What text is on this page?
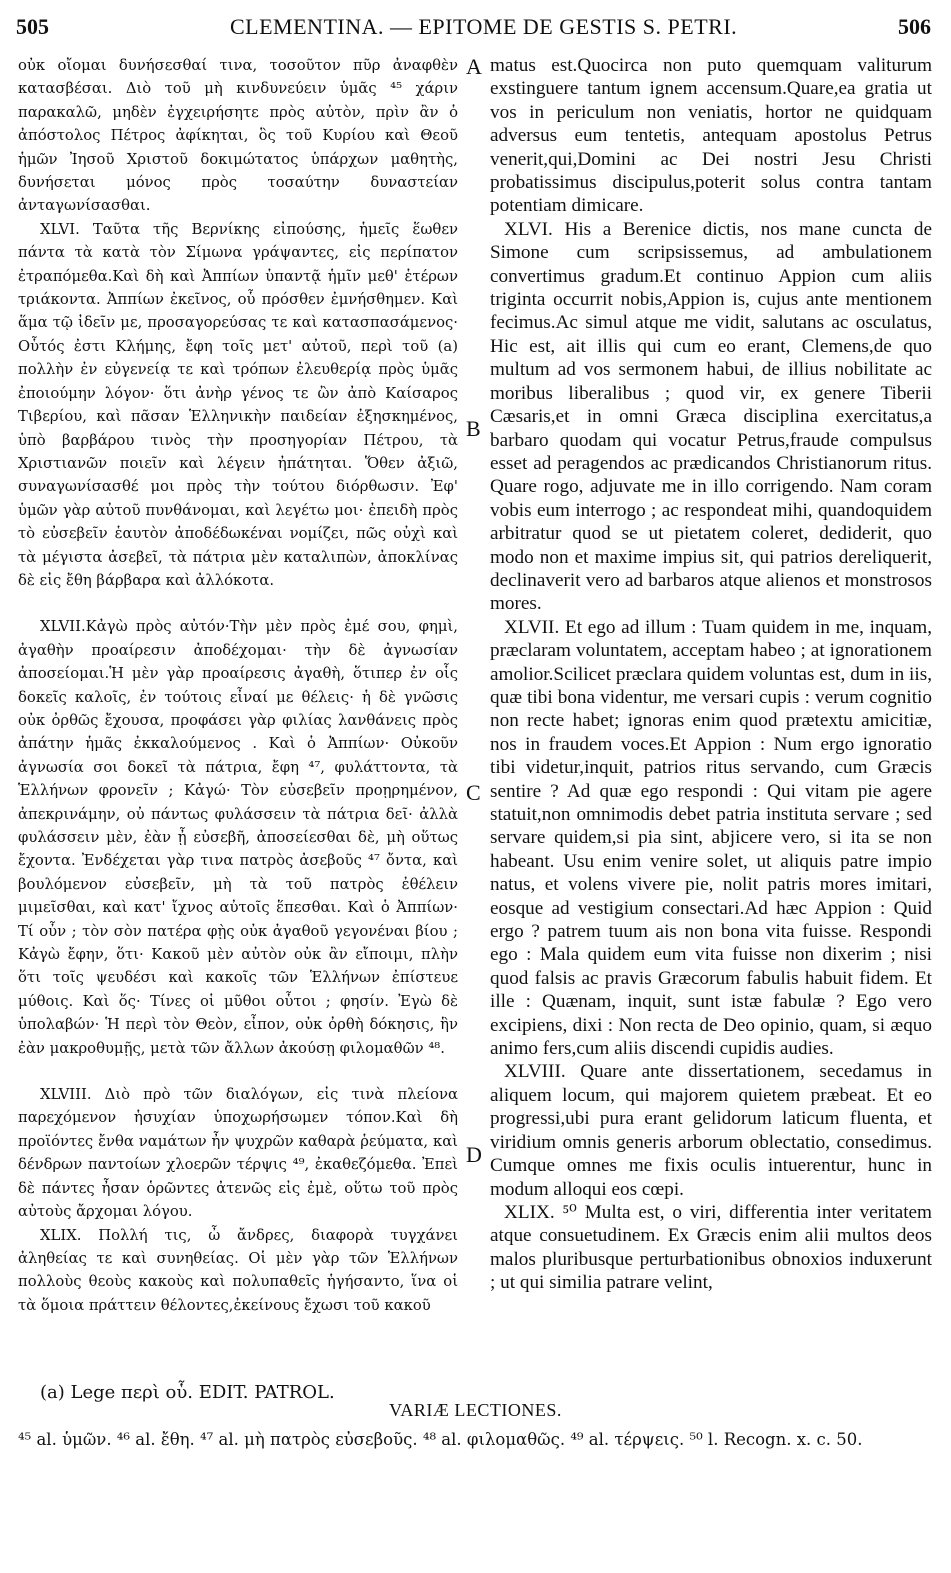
505	CLEMENTINA. — EPITOME DE GESTIS S. PETRI.	506

οὐκ οἴομαι δυνήσεσθαί τινα, τοσοῦτον πῦρ ἀναφθὲν κατασβέσαι. Διὸ τοῦ μὴ κινδυνεύειν ὑμᾶς ⁴⁵ χάριν παρακαλῶ, μηδὲν ἐγχειρήσητε πρὸς αὐτὸν, πρὶν ἂν ὁ ἀπόστολος Πέτρος ἀφίκηται, ὃς τοῦ Κυρίου καὶ Θεοῦ ἡμῶν Ἰησοῦ Χριστοῦ δοκιμώτατος ὑπάρχων μαθητὴς, δυνήσεται μόνος πρὸς τοσαύτην δυναστείαν ἀνταγωνίσασθαι.

XLVI. Ταῦτα τῆς Βερνίκης εἰπούσης, ἡμεῖς ἕωθεν πάντα τὰ κατὰ τὸν Σίμωνα γράψαντες, εἰς περίπατον ἐτραπόμεθα.Καὶ δὴ καὶ Ἀππίων ὑπαντᾷ ἡμῖν μεθ' ἑτέρων τριάκοντα. Ἀππίων ἐκεῖνος, οὗ πρόσθεν ἐμνήσθημεν. Καὶ ἅμα τῷ ἰδεῖν με, προσαγορεύσας τε καὶ κατασπασάμενος· Οὗτός ἐστι Κλήμης, ἔφη τοῖς μετ' αὐτοῦ, περὶ τοῦ (a) πολλὴν ἐν εὐγενείᾳ τε καὶ τρόπων ἐλευθερίᾳ πρὸς ὑμᾶς ἐποιούμην λόγον· ὅτι ἀνὴρ γένος τε ὢν ἀπὸ Καίσαρος Τιβερίου, καὶ πᾶσαν Ἑλληνικὴν παιδείαν ἐξησκημένος, ὑπὸ βαρβάρου τινὸς τὴν προσηγορίαν Πέτρου, τὰ Χριστιανῶν ποιεῖν καὶ λέγειν ἠπάτηται. Ὅθεν ἀξιῶ, συναγωνίσασθέ μοι πρὸς τὴν τούτου διόρθωσιν. Ἐφ' ὑμῶν γὰρ αὐτοῦ πυνθάνομαι, καὶ λεγέτω μοι· ἐπειδὴ πρὸς τὸ εὐσεβεῖν ἑαυτὸν ἀποδέδωκέναι νομίζει, πῶς οὐχὶ καὶ τὰ μέγιστα ἀσεβεῖ, τὰ πάτρια μὲν καταλιπὼν, ἀποκλίνας δὲ εἰς ἔθη βάρβαρα καὶ ἀλλόκοτα.

XLVII.Κἀγὼ πρὸς αὐτόν·Τὴν μὲν πρὸς ἐμέ σου, φημὶ, ἀγαθὴν προαίρεσιν ἀποδέχομαι· τὴν δὲ ἀγνωσίαν ἀποσείομαι.Ἡ μὲν γὰρ προαίρεσις ἀγαθὴ, ὅτιπερ ἐν οἷς δοκεῖς καλοῖς, ἐν τούτοις εἶναί με θέλεις· ἡ δὲ γνῶσις οὐκ ὀρθῶς ἔχουσα, προφάσει γὰρ φιλίας λανθάνεις πρὸς ἀπάτην ἡμᾶς ἐκκαλούμενος . Καὶ ὁ Ἀππίων· Οὐκοῦν ἀγνωσία σοι δοκεῖ τὰ πάτρια, ἔφη ⁴⁷, φυλάττοντα, τὰ Ἑλλήνων φρονεῖν ; Κἀγώ· Τὸν εὐσεβεῖν προῃρημένον, ἀπεκρινάμην, οὐ πάντως φυλάσσειν τὰ πάτρια δεῖ· ἀλλὰ φυλάσσειν μὲν, ἐὰν ᾖ εὐσεβῆ, ἀποσείεσθαι δὲ, μὴ οὕτως ἔχοντα. Ἐνδέχεται γὰρ τινα πατρὸς ἀσεβοῦς ⁴⁷ ὄντα, καὶ βουλόμενον εὐσεβεῖν, μὴ τὰ τοῦ πατρὸς ἐθέλειν μιμεῖσθαι, καὶ κατ' ἴχνος αὐτοῖς ἕπεσθαι. Καὶ ὁ Ἀππίων· Τί οὖν ; τὸν σὸν πατέρα φῂς οὐκ ἀγαθοῦ γεγονέναι βίου ; Κἀγὼ ἔφην, ὅτι· Κακοῦ μὲν αὐτὸν οὐκ ἂν εἴποιμι, πλὴν ὅτι τοῖς ψευδέσι καὶ κακοῖς τῶν Ἑλλήνων ἐπίστευε μύθοις. Καὶ ὅς· Τίνες οἱ μῦθοι οὗτοι ; φησίν. Ἐγὼ δὲ ὑπολαβών· Ἡ περὶ τὸν Θεὸν, εἶπον, οὐκ ὀρθὴ δόκησις, ἣν ἐὰν μακροθυμῇς, μετὰ τῶν ἄλλων ἀκούσῃ φιλομαθῶν ⁴⁸.

XLVIII. Διὸ πρὸ τῶν διαλόγων, εἰς τινὰ πλείονα παρεχόμενον ἡσυχίαν ὑποχωρήσωμεν τόπον.Καὶ δὴ προϊόντες ἔνθα ναμάτων ἦν ψυχρῶν καθαρὰ ῥεύματα, καὶ δένδρων παντοίων χλοερῶν τέρψις ⁴⁹, ἐκαθεζόμεθα. Ἐπεὶ δὲ πάντες ἦσαν ὁρῶντες ἀτενῶς εἰς ἐμὲ, οὕτω τοῦ πρὸς αὐτοὺς ἄρχομαι λόγου.

XLIX. Πολλή τις, ὦ ἄνδρες, διαφορὰ τυγχάνει ἀληθείας τε καὶ συνηθείας. Οἱ μὲν γὰρ τῶν Ἑλλήνων πολλοὺς θεοὺς κακοὺς καὶ πολυπαθεῖς ἡγήσαντο, ἵνα οἱ τὰ ὅμοια πράττειν θέλοντες,ἐκείνους ἔχωσι τοῦ κακοῦ

A
B
C
D

matus est.Quocirca non puto quemquam valiturum exstinguere tantum ignem accensum.Quare,ea gratia ut vos in periculum non veniatis, hortor ne quidquam adversus eum tentetis, antequam apostolus Petrus venerit,qui,Domini ac Dei nostri Jesu Christi probatissimus discipulus,poterit solus contra tantam potentiam dimicare.

XLVI. His a Berenice dictis, nos mane cuncta de Simone cum scripsissemus, ad ambulationem convertimus gradum.Et continuo Appion cum aliis triginta occurrit nobis,Appion is, cujus ante mentionem fecimus.Ac simul atque me vidit, salutans ac osculatus, Hic est, ait illis qui cum eo erant, Clemens,de quo multum ad vos sermonem habui, de illius nobilitate ac moribus liberalibus ; quod vir, ex genere Tiberii Cæsaris,et in omni Græca disciplina exercitatus,a barbaro quodam qui vocatur Petrus,fraude compulsus esset ad peragendos ac prædicandos Christianorum ritus. Quare rogo, adjuvate me in illo corrigendo. Nam coram vobis eum interrogo ; ac respondeat mihi, quandoquidem arbitratur quod se ut pietatem coleret, dediderit, quo modo non et maxime impius sit, qui patrios dereliquerit, declinaverit vero ad barbaros atque alienos et monstrosos mores.

XLVII. Et ego ad illum : Tuam quidem in me, inquam, præclaram voluntatem, acceptam habeo ; at ignorationem amolior.Scilicet præclara quidem voluntas est, dum in iis, quæ tibi bona videntur, me versari cupis : verum cognitio non recte habet; ignoras enim quod prætextu amicitiæ, nos in fraudem voces.Et Appion : Num ergo ignoratio tibi videtur,inquit, patrios ritus servando, cum Græcis sentire ? Ad quæ ego respondi : Qui vitam pie agere statuit,non omnimodis debet patria instituta servare ; sed servare quidem,si pia sint, abjicere vero, si ita se non habeant. Usu enim venire solet, ut aliquis patre impio natus, et volens vivere pie, nolit patris mores imitari, eosque ad vestigium consectari.Ad hæc Appion : Quid ergo ? patrem tuum ais non bona vita fuisse. Respondi ego : Mala quidem eum vita fuisse non dixerim ; nisi quod falsis ac pravis Græcorum fabulis habuit fidem. Et ille : Quænam, inquit, sunt istæ fabulæ ? Ego vero excipiens, dixi : Non recta de Deo opinio, quam, si æquo animo fers,cum aliis discendi cupidis audies.

XLVIII. Quare ante dissertationem, secedamus in aliquem locum, qui majorem quietem præbeat. Et eo progressi,ubi pura erant gelidorum laticum fluenta, et viridium omnis generis arborum oblectatio, consedimus. Cumque omnes me fixis oculis intuerentur, hunc in modum alloqui eos cœpi.

XLIX. ⁵⁰ Multa est, o viri, differentia inter veritatem atque consuetudinem. Ex Græcis enim alii multos deos malos pluribusque perturbationibus obnoxios induxerunt ; ut qui similia patrare velint,

(a) Lege περὶ οὗ. EDIT. PATROL.
VARIÆ LECTIONES.
⁴⁵ al. ὑμῶν. ⁴⁶ al. ἔθη. ⁴⁷ al. μὴ πατρὸς εὐσεβοῦς. ⁴⁸ al. φιλομαθῶς. ⁴⁹ al. τέρψεις. ⁵⁰ l. Recogn. x. c. 50.
